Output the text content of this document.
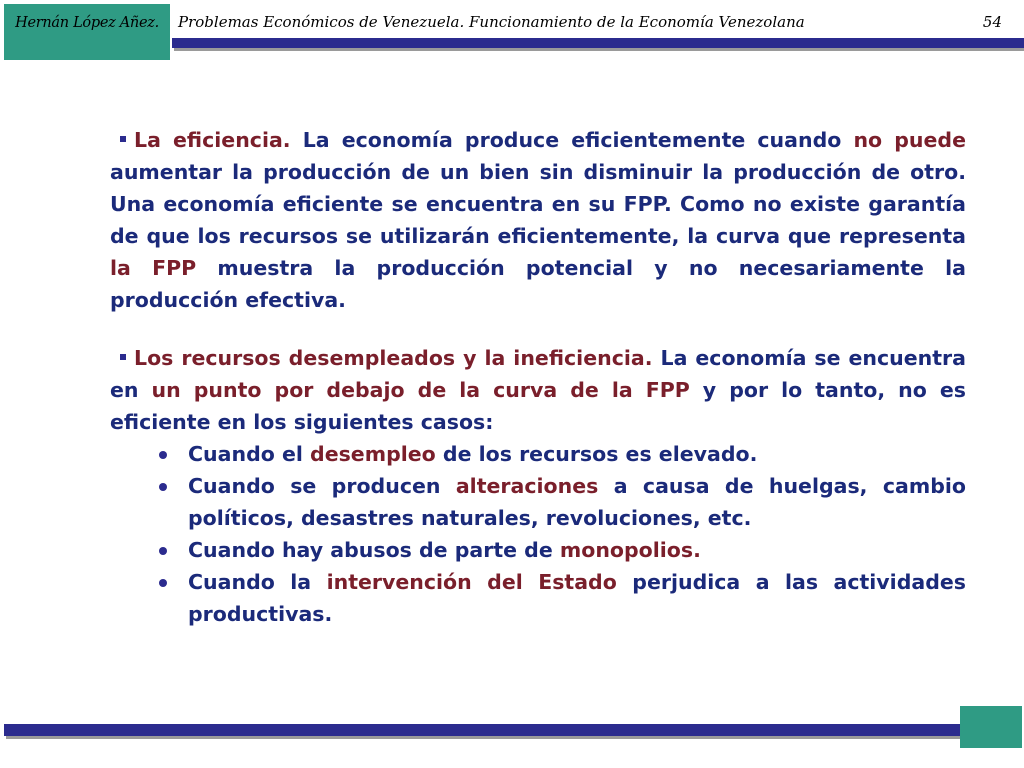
Hernán López Añez.	Problemas Económicos de Venezuela. Funcionamiento de la Economía Venezolana	54

La eficiencia. La economía produce eficientemente cuando no puede aumentar la producción de un bien sin disminuir la producción de otro. Una economía eficiente se encuentra en su FPP. Como no existe garantía de que los recursos se utilizarán eficientemente, la curva que representa la FPP muestra la producción potencial y no necesariamente la producción efectiva.

Los recursos desempleados y la ineficiencia. La economía se encuentra en un punto por debajo de la curva de la FPP y por lo tanto, no es eficiente en los siguientes casos:

Cuando el desempleo de los recursos es elevado.
Cuando se producen alteraciones a causa de huelgas, cambio políticos, desastres naturales, revoluciones, etc.
Cuando hay abusos de parte de monopolios.
Cuando la intervención del Estado perjudica a las actividades productivas.
